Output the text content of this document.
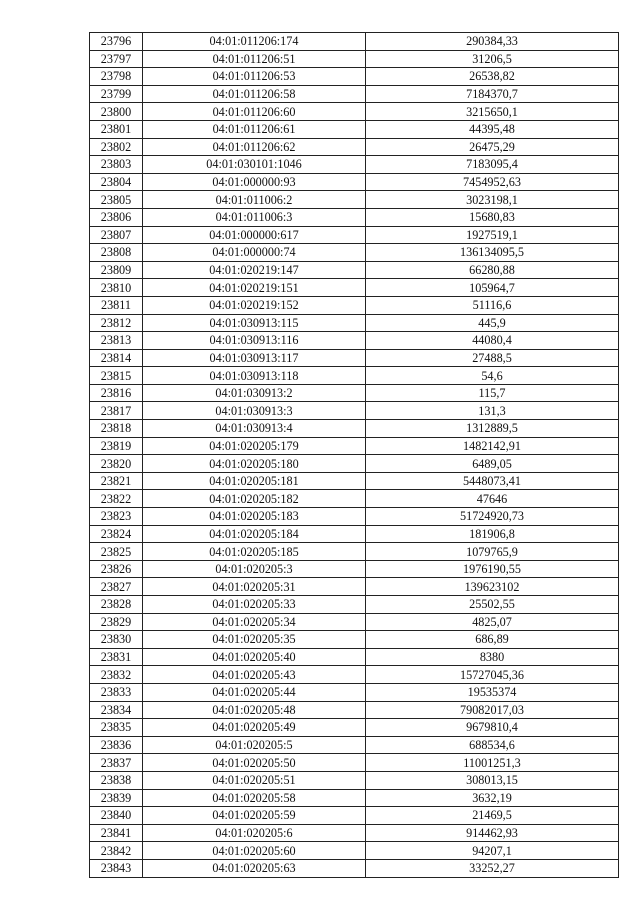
23796	04:01:011206:174	290384,33
23797	04:01:011206:51	31206,5
23798	04:01:011206:53	26538,82
23799	04:01:011206:58	7184370,7
23800	04:01:011206:60	3215650,1
23801	04:01:011206:61	44395,48
23802	04:01:011206:62	26475,29
23803	04:01:030101:1046	7183095,4
23804	04:01:000000:93	7454952,63
23805	04:01:011006:2	3023198,1
23806	04:01:011006:3	15680,83
23807	04:01:000000:617	1927519,1
23808	04:01:000000:74	136134095,5
23809	04:01:020219:147	66280,88
23810	04:01:020219:151	105964,7
23811	04:01:020219:152	51116,6
23812	04:01:030913:115	445,9
23813	04:01:030913:116	44080,4
23814	04:01:030913:117	27488,5
23815	04:01:030913:118	54,6
23816	04:01:030913:2	115,7
23817	04:01:030913:3	131,3
23818	04:01:030913:4	1312889,5
23819	04:01:020205:179	1482142,91
23820	04:01:020205:180	6489,05
23821	04:01:020205:181	5448073,41
23822	04:01:020205:182	47646
23823	04:01:020205:183	51724920,73
23824	04:01:020205:184	181906,8
23825	04:01:020205:185	1079765,9
23826	04:01:020205:3	1976190,55
23827	04:01:020205:31	139623102
23828	04:01:020205:33	25502,55
23829	04:01:020205:34	4825,07
23830	04:01:020205:35	686,89
23831	04:01:020205:40	8380
23832	04:01:020205:43	15727045,36
23833	04:01:020205:44	19535374
23834	04:01:020205:48	79082017,03
23835	04:01:020205:49	9679810,4
23836	04:01:020205:5	688534,6
23837	04:01:020205:50	11001251,3
23838	04:01:020205:51	308013,15
23839	04:01:020205:58	3632,19
23840	04:01:020205:59	21469,5
23841	04:01:020205:6	914462,93
23842	04:01:020205:60	94207,1
23843	04:01:020205:63	33252,27
